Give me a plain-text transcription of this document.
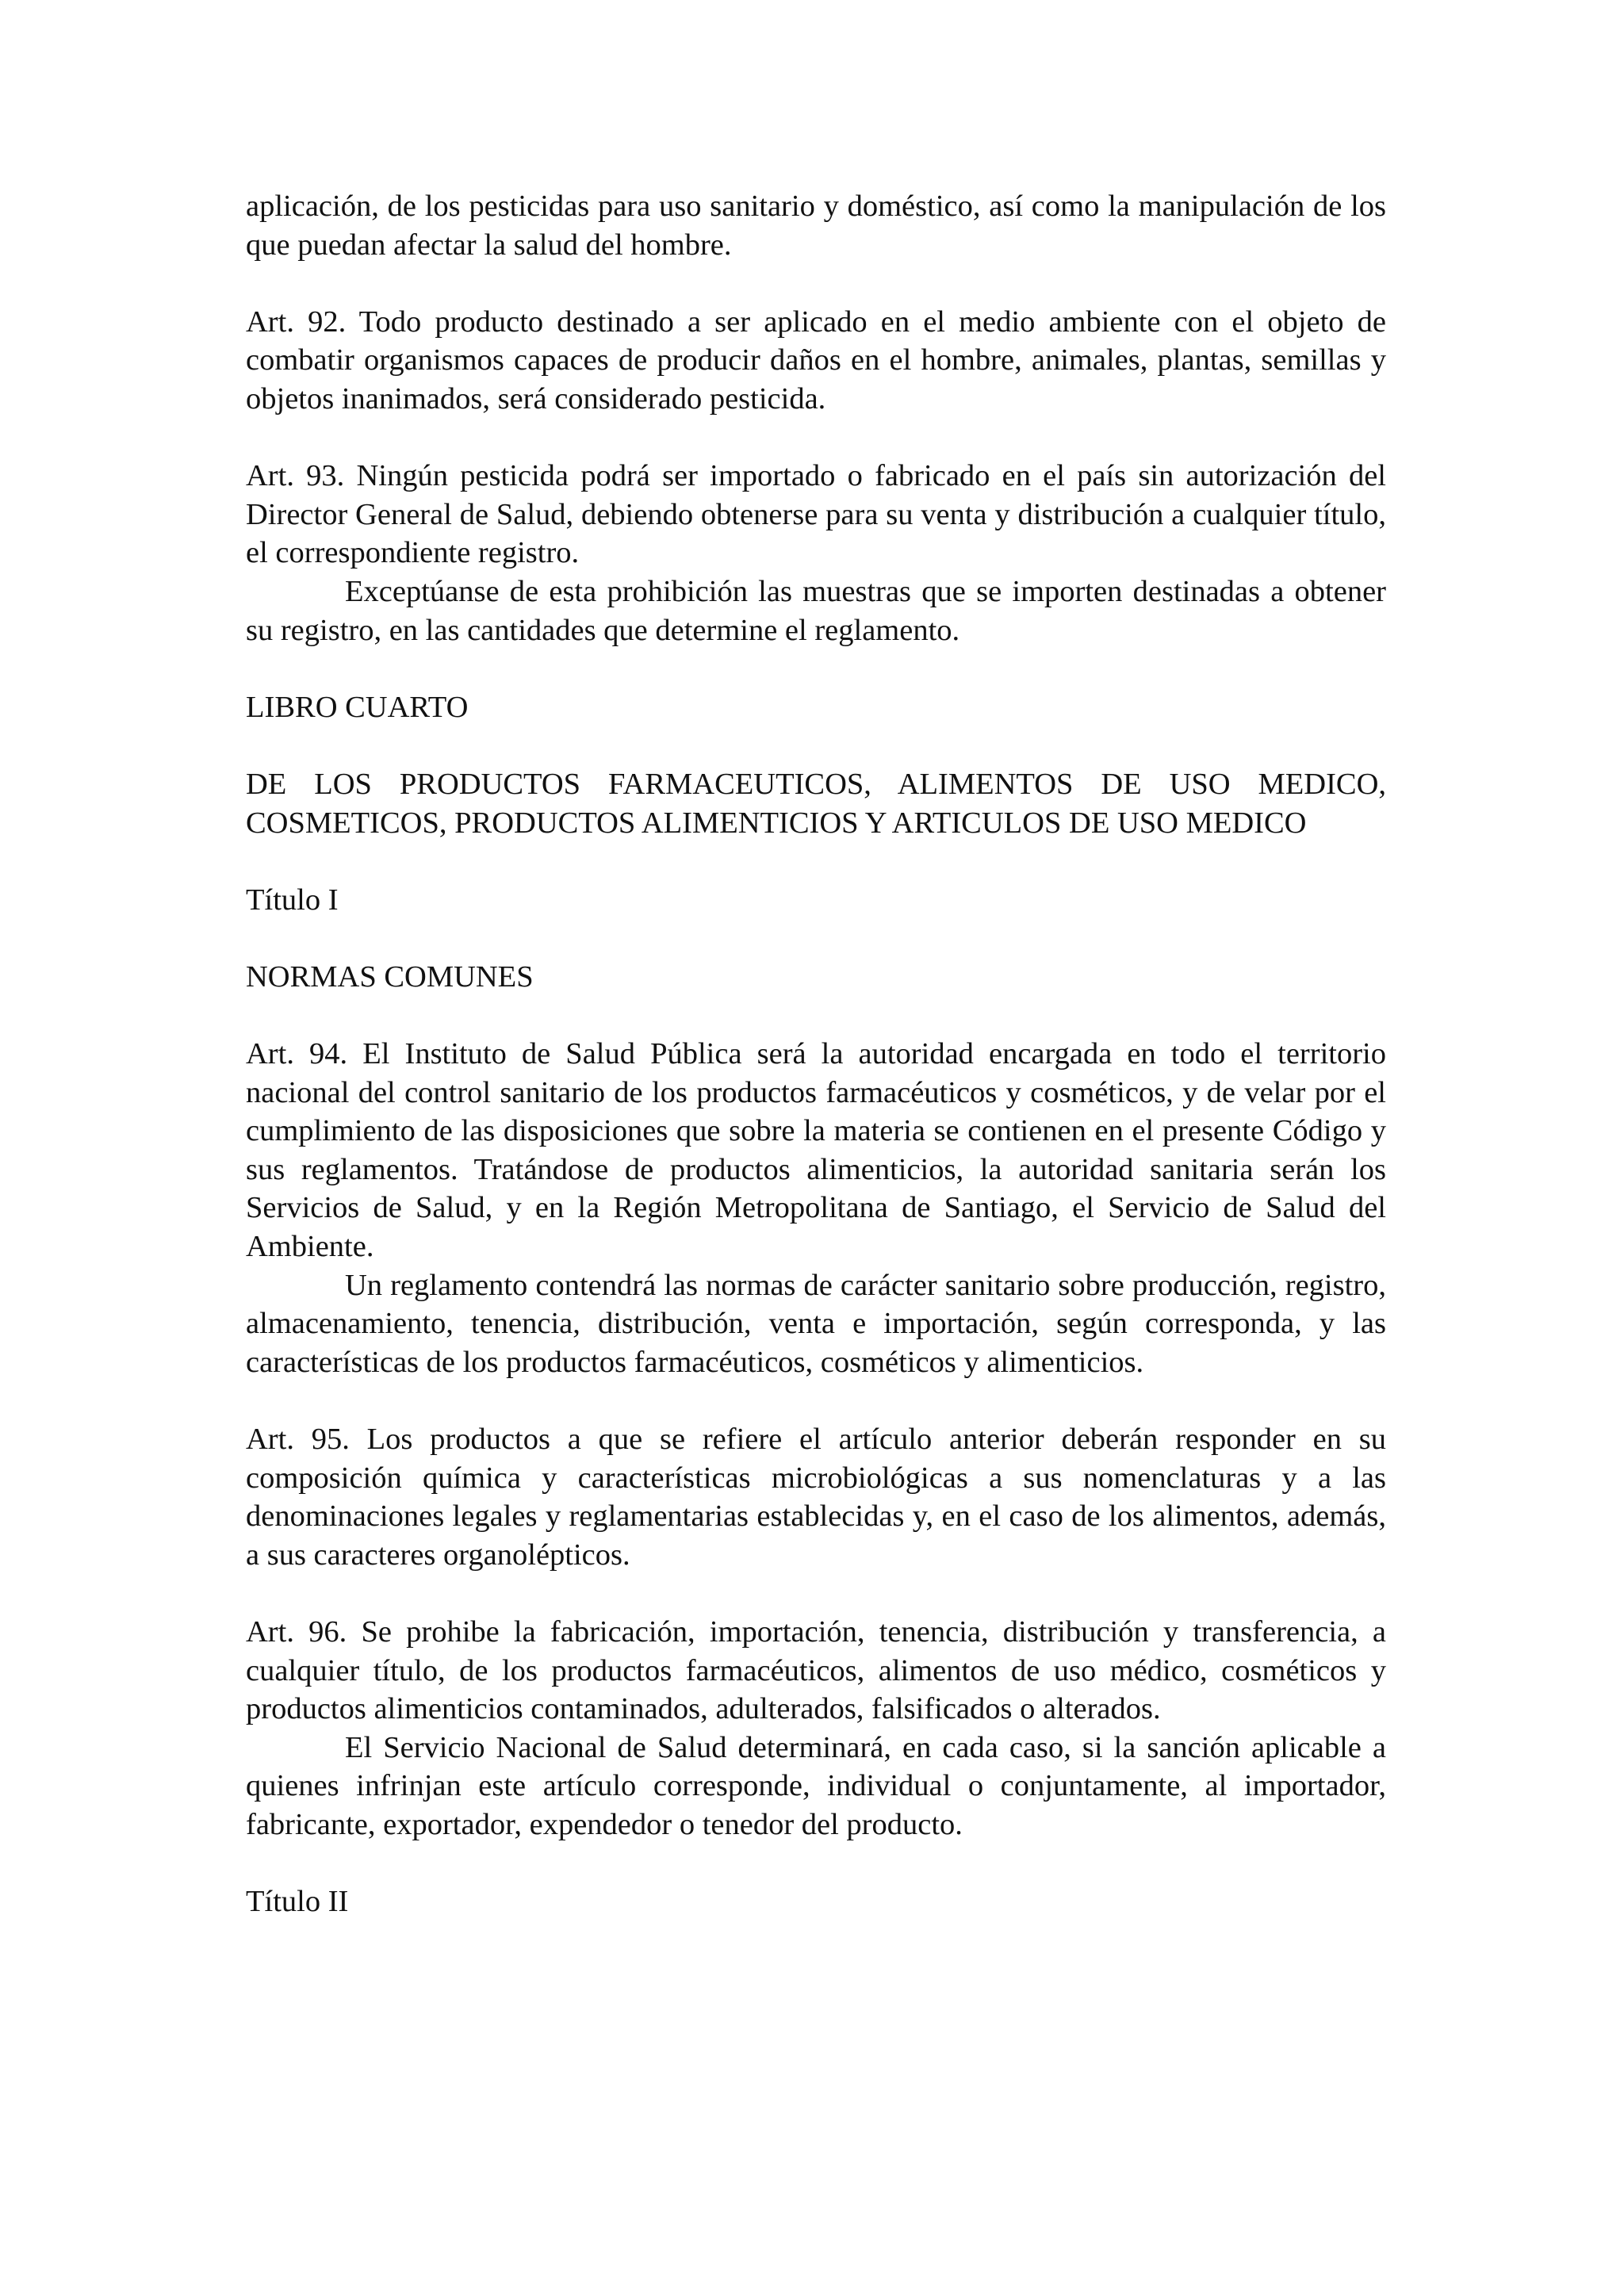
aplicación, de los pesticidas para uso sanitario y doméstico, así como la manipulación de los que puedan afectar la salud del hombre.

Art. 92. Todo producto destinado a ser aplicado en el medio ambiente con el objeto de combatir organismos capaces de producir daños en el hombre, animales, plantas, semillas y objetos inanimados, será considerado pesticida.

Art. 93. Ningún pesticida podrá ser importado o fabricado en el país sin autorización del Director General de Salud, debiendo obtenerse para su venta y distribución a cualquier título, el correspondiente registro.

Exceptúanse de esta prohibición las muestras que se importen destinadas a obtener su registro, en las cantidades que determine el reglamento.

LIBRO CUARTO

DE LOS PRODUCTOS FARMACEUTICOS, ALIMENTOS DE USO MEDICO, COSMETICOS, PRODUCTOS ALIMENTICIOS Y ARTICULOS DE USO MEDICO

Título I

NORMAS COMUNES

Art. 94. El Instituto de Salud Pública será la autoridad encargada en todo el territorio nacional del control sanitario de los productos farmacéuticos y cosméticos, y de velar por el cumplimiento de las disposiciones que sobre la materia se contienen en el presente Código y sus reglamentos. Tratándose de productos alimenticios, la autoridad sanitaria serán los Servicios de Salud, y en la Región Metropolitana de Santiago, el Servicio de Salud del Ambiente.

Un reglamento contendrá las normas de carácter sanitario sobre producción, registro, almacenamiento, tenencia, distribución, venta e importación, según corresponda, y las características de los productos farmacéuticos, cosméticos y alimenticios.

Art. 95. Los productos a que se refiere el artículo anterior deberán responder en su composición química y características microbiológicas a sus nomenclaturas y a las denominaciones legales y reglamentarias establecidas y, en el caso de los alimentos, además, a sus caracteres organolépticos.

Art. 96. Se prohibe la fabricación, importación, tenencia, distribución y transferencia, a cualquier título, de los productos farmacéuticos, alimentos de uso médico, cosméticos y productos alimenticios contaminados, adulterados, falsificados o alterados.

El Servicio Nacional de Salud determinará, en cada caso, si la sanción aplicable a quienes infrinjan este artículo corresponde, individual o conjuntamente, al importador, fabricante, exportador, expendedor o tenedor del producto.

Título II
